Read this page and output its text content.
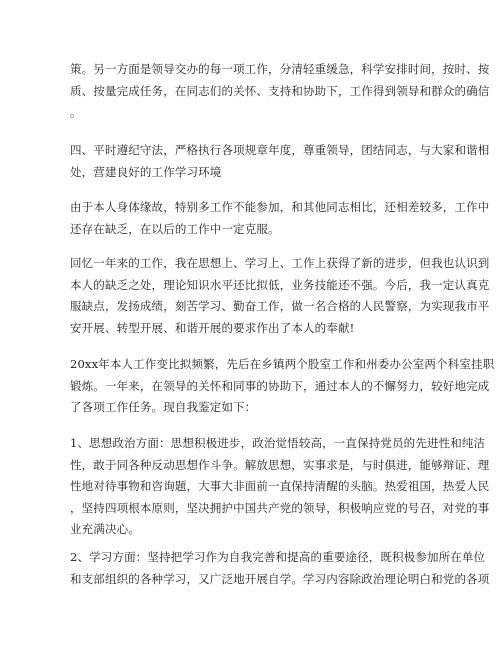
策。另一方面是领导交办的每一项工作，分清轻重缓急，科学安排时间，按时、按
质、按量完成任务，在同志们的关怀、支持和协助下，工作得到领导和群众的确信
。
四、平时遵纪守法，严格执行各项规章年度，尊重领导，团结同志，与大家和谐相
处，营建良好的工作学习环境
由于本人身体缘故，特别多工作不能参加，和其他同志相比，还相差较多，工作中
还存在缺乏，在以后的工作中一定克服。
回忆一年来的工作，我在思想上、学习上、工作上获得了新的进步，但我也认识到
本人的缺乏之处，理论知识水平还比拟低，业务技能还不强。今后，我一定认真克
服缺点，发扬成绩，刻苦学习、勤奋工作，做一名合格的人民警察，为实现我市平
安开展、转型开展、和谐开展的要求作出了本人的奉献!
20xx年本人工作变比拟频繁，先后在乡镇两个股室工作和州委办公室两个科室挂职
锻炼。一年来，在领导的关怀和同事的协助下，通过本人的不懈努力，较好地完成
了各项工作任务。现自我鉴定如下：
1、思想政治方面：思想积极进步，政治觉悟较高，一直保持党员的先进性和纯洁
性，敢于同各种反动思想作斗争。解放思想，实事求是，与时俱进，能够辩证、理
性地对待事物和咨询题，大事大非面前一直保持清醒的头脑。热爱祖国，热爱人民
，坚持四项根本原则，坚决拥护中国共产党的领导，积极响应党的号召，对党的事
业充满决心。
2、学习方面：坚持把学习作为自我完善和提高的重要途径，既积极参加所在单位
和支部组织的各种学习，又广泛地开展自学。学习内容除政治理论明白和党的各项
